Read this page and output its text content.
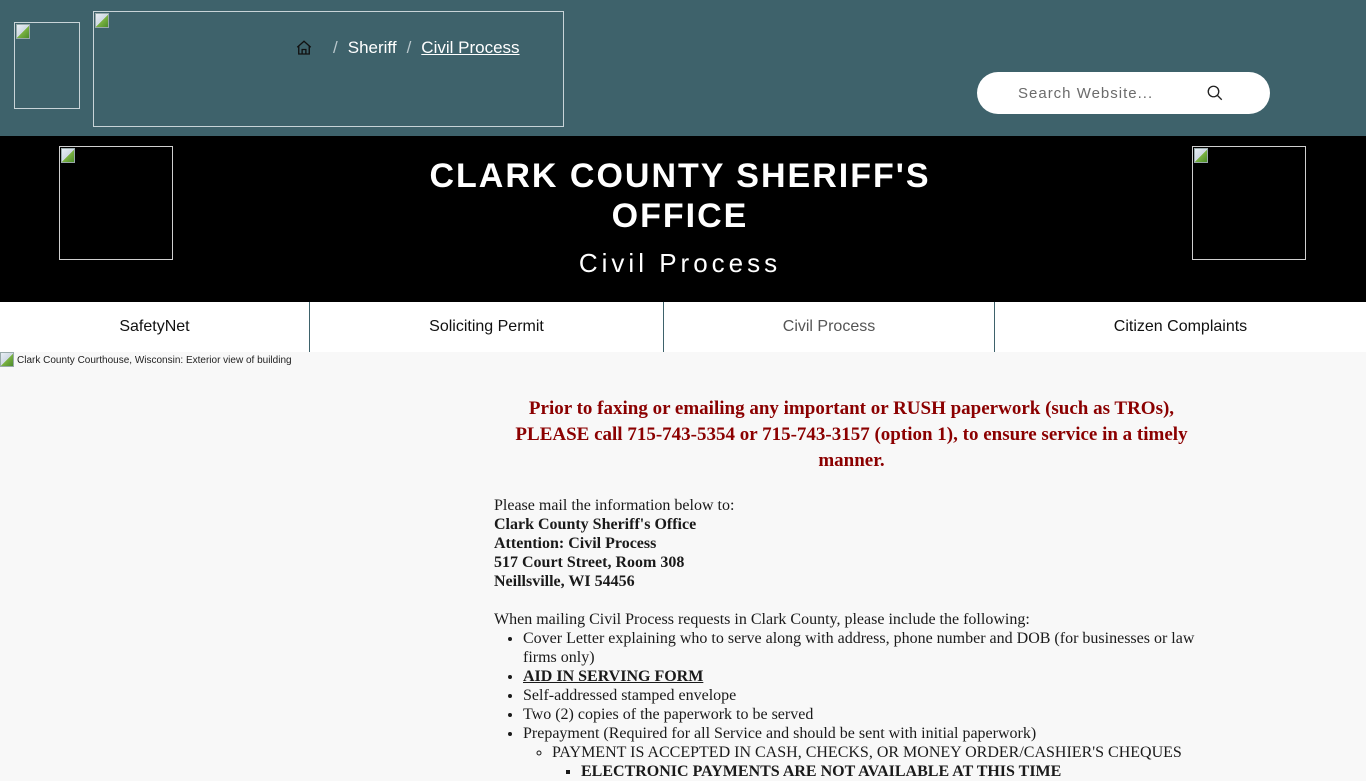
/ Sheriff / Civil Process
Search Website...
CLARK COUNTY SHERIFF'S OFFICE
Civil Process
SafetyNet	Soliciting Permit	Civil Process	Citizen Complaints
Clark County Courthouse, Wisconsin: Exterior view of building

Prior to faxing or emailing any important or RUSH paperwork (such as TROs), PLEASE call 715-743-5354 or 715-743-3157 (option 1), to ensure service in a timely manner.

Please mail the information below to:
Clark County Sheriff's Office
Attention: Civil Process
517 Court Street, Room 308
Neillsville, WI 54456
When mailing Civil Process requests in Clark County, please include the following:
• Cover Letter explaining who to serve along with address, phone number and DOB (for businesses or law firms only)
• AID IN SERVING FORM
• Self-addressed stamped envelope
• Two (2) copies of the paperwork to be served
• Prepayment (Required for all Service and should be sent with initial paperwork)
◦ PAYMENT IS ACCEPTED IN CASH, CHECKS, OR MONEY ORDER/CASHIER'S CHEQUES
▪ ELECTRONIC PAYMENTS ARE NOT AVAILABLE AT THIS TIME
